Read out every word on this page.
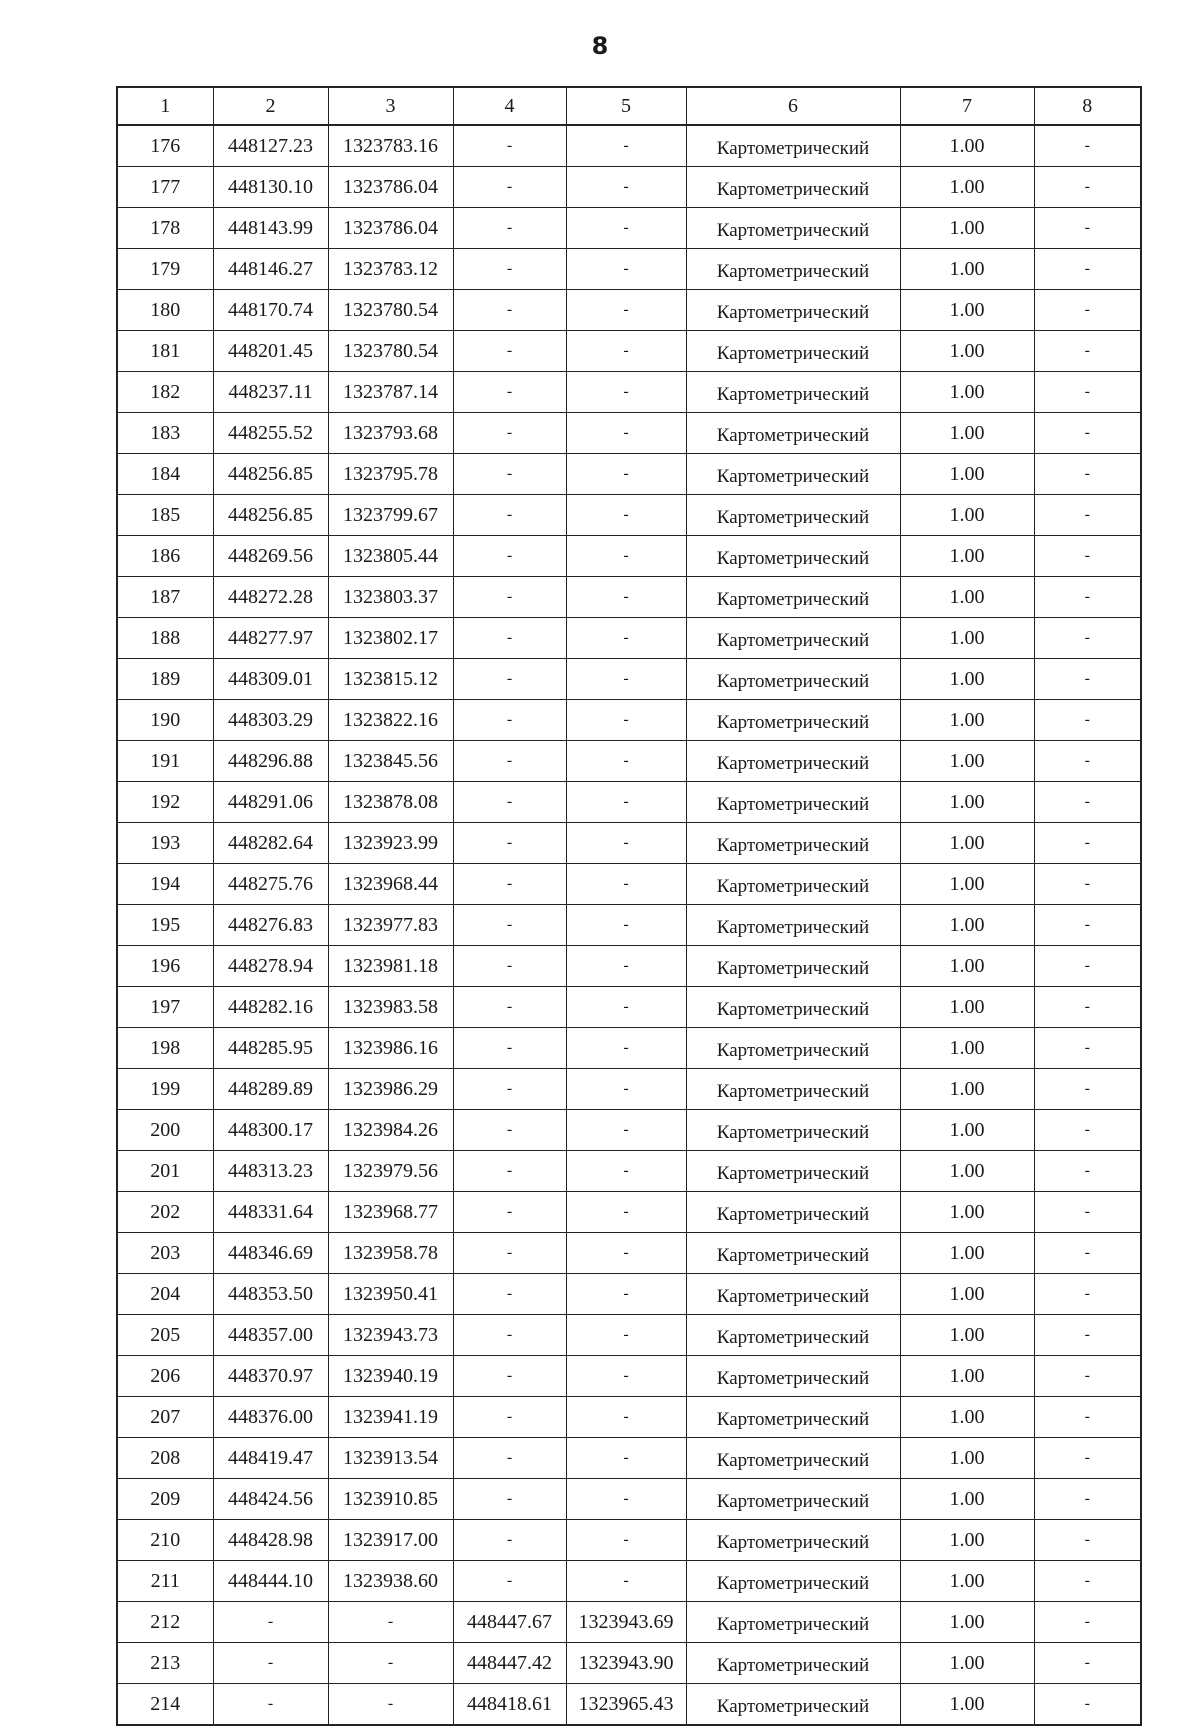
8
1	2	3	4	5	6	7	8
176	448127.23	1323783.16	-	-	Картометрический	1.00	-
177	448130.10	1323786.04	-	-	Картометрический	1.00	-
178	448143.99	1323786.04	-	-	Картометрический	1.00	-
179	448146.27	1323783.12	-	-	Картометрический	1.00	-
180	448170.74	1323780.54	-	-	Картометрический	1.00	-
181	448201.45	1323780.54	-	-	Картометрический	1.00	-
182	448237.11	1323787.14	-	-	Картометрический	1.00	-
183	448255.52	1323793.68	-	-	Картометрический	1.00	-
184	448256.85	1323795.78	-	-	Картометрический	1.00	-
185	448256.85	1323799.67	-	-	Картометрический	1.00	-
186	448269.56	1323805.44	-	-	Картометрический	1.00	-
187	448272.28	1323803.37	-	-	Картометрический	1.00	-
188	448277.97	1323802.17	-	-	Картометрический	1.00	-
189	448309.01	1323815.12	-	-	Картометрический	1.00	-
190	448303.29	1323822.16	-	-	Картометрический	1.00	-
191	448296.88	1323845.56	-	-	Картометрический	1.00	-
192	448291.06	1323878.08	-	-	Картометрический	1.00	-
193	448282.64	1323923.99	-	-	Картометрический	1.00	-
194	448275.76	1323968.44	-	-	Картометрический	1.00	-
195	448276.83	1323977.83	-	-	Картометрический	1.00	-
196	448278.94	1323981.18	-	-	Картометрический	1.00	-
197	448282.16	1323983.58	-	-	Картометрический	1.00	-
198	448285.95	1323986.16	-	-	Картометрический	1.00	-
199	448289.89	1323986.29	-	-	Картометрический	1.00	-
200	448300.17	1323984.26	-	-	Картометрический	1.00	-
201	448313.23	1323979.56	-	-	Картометрический	1.00	-
202	448331.64	1323968.77	-	-	Картометрический	1.00	-
203	448346.69	1323958.78	-	-	Картометрический	1.00	-
204	448353.50	1323950.41	-	-	Картометрический	1.00	-
205	448357.00	1323943.73	-	-	Картометрический	1.00	-
206	448370.97	1323940.19	-	-	Картометрический	1.00	-
207	448376.00	1323941.19	-	-	Картометрический	1.00	-
208	448419.47	1323913.54	-	-	Картометрический	1.00	-
209	448424.56	1323910.85	-	-	Картометрический	1.00	-
210	448428.98	1323917.00	-	-	Картометрический	1.00	-
211	448444.10	1323938.60	-	-	Картометрический	1.00	-
212	-	-	448447.67	1323943.69	Картометрический	1.00	-
213	-	-	448447.42	1323943.90	Картометрический	1.00	-
214	-	-	448418.61	1323965.43	Картометрический	1.00	-
